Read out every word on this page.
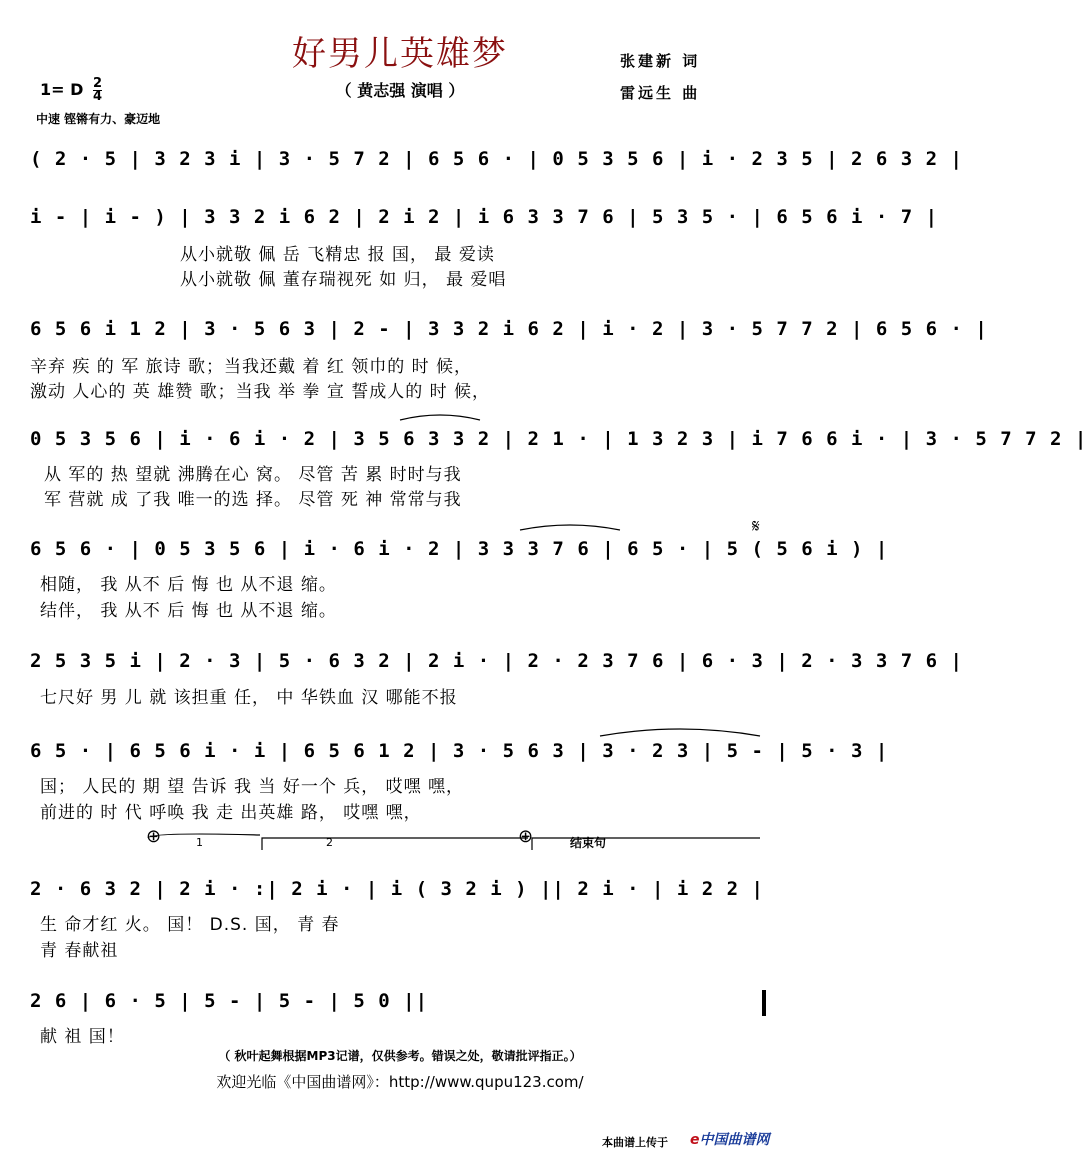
好男儿英雄梦	张建新 词
（ 黄志强 演唱 ）	雷远生 曲
1= D $\frac{2}{4}$
中速 铿锵有力、豪迈地
( 2 · 5 | 3 2 3 i | 3 · 5 7 2 | 6 5 6 · | 0 5 3 5 6 | i · 2 3 5 | 2 6 3 2 |
i - | i - ) | 3 3 2 i 6 2 | 2 i 2 | i 6 3 3 7 6 | 5 3 5 · | 6 5 6 i · 7 |
从小就敬 佩 岳 飞精忠 报 国， 最 爱读
从小就敬 佩 董存瑞视死 如 归， 最 爱唱
6 5 6 i 1 2 | 3 · 5 6 3 | 2 - | 3 3 2 i 6 2 | i · 2 | 3 · 5 7 7 2 | 6 5 6 · |
辛弃 疾 的 军 旅诗 歌；当我还戴 着 红 领巾的 时 候，
激动 人心的 英 雄赞 歌；当我 举 拳 宣 誓成人的 时 候，
0 5 3 5 6 | i · 6 i · 2 | 3 5 6 3 3 2 | 2 1 · | 1 3 2 3 | i 7 6 6 i · | 3 · 5 7 7 2 |
从 军的 热 望就 沸腾在心 窝。 尽管 苦 累 时时与我
军 营就 成 了我 唯一的选 择。 尽管 死 神 常常与我
6 5 6 · | 0 5 3 5 6 | i · 6 i · 2 | 3 3 3 7 6 | 6 5 · | 5 ( 5 6 i ) |
相随， 我 从不 后 悔 也 从不退 缩。
结伴， 我 从不 后 悔 也 从不退 缩。
𝄋
2 5 3 5 i | 2 · 3 | 5 · 6 3 2 | 2 i · | 2 · 2 3 7 6 | 6 · 3 | 2 · 3 3 7 6 |
七尺好 男 儿 就 该担重 任， 中 华铁血 汉 哪能不报
6 5 · | 6 5 6 i · i | 6 5 6 1 2 | 3 · 5 6 3 | 3 · 2 3 | 5 - | 5 · 3 |
国； 人民的 期 望 告诉 我 当 好一个 兵， 哎嘿 嘿，
前进的 时 代 呼唤 我 走 出英雄 路， 哎嘿 嘿，
⊕	⊕
1	2	结束句
2 · 6 3 2 | 2 i · :| 2 i · | i ( 3 2 i ) || 2 i · | i 2 2 |
生 命才红 火。 国！ D.S. 国， 青 春
青 春献祖
2 6 | 6 · 5 | 5 - | 5 - | 5 0 ||
献 祖 国！
（ 秋叶起舞根据MP3记谱，仅供参考。错误之处，敬请批评指正。）
欢迎光临《中国曲谱网》：http://www.qupu123.com/
本曲谱上传于 e中国曲谱网
